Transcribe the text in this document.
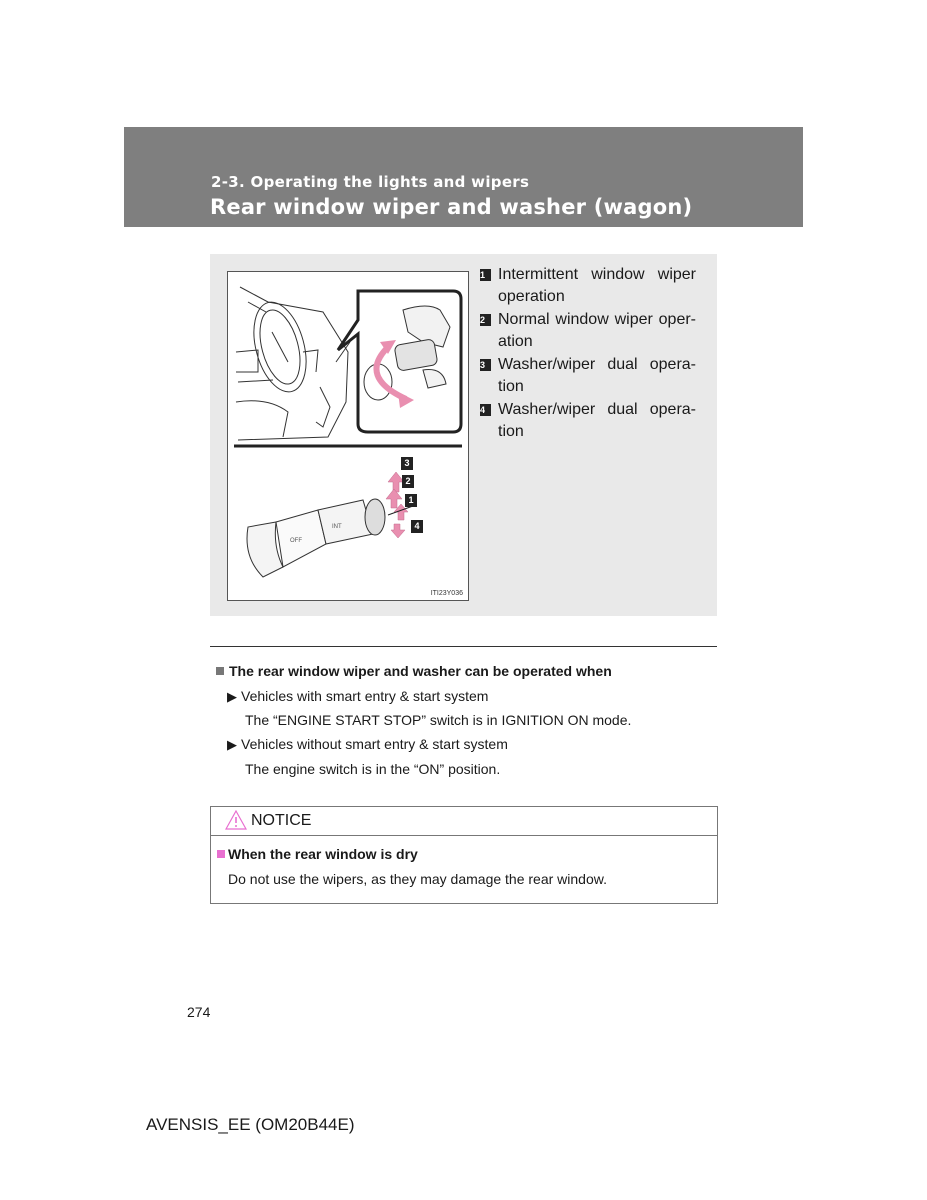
2-3. Operating the lights and wipers
Rear window wiper and washer (wagon)
OFF
INT
3
2
1
4
ITI23Y036
1 Intermittent window wiper operation
2 Normal window wiper oper-ation
3 Washer/wiper dual opera-tion
4 Washer/wiper dual opera-tion
The rear window wiper and washer can be operated when
▶ Vehicles with smart entry & start system
The “ENGINE START STOP” switch is in IGNITION ON mode.
▶ Vehicles without smart entry & start system
The engine switch is in the “ON” position.
NOTICE
When the rear window is dry
Do not use the wipers, as they may damage the rear window.
274
AVENSIS_EE (OM20B44E)
